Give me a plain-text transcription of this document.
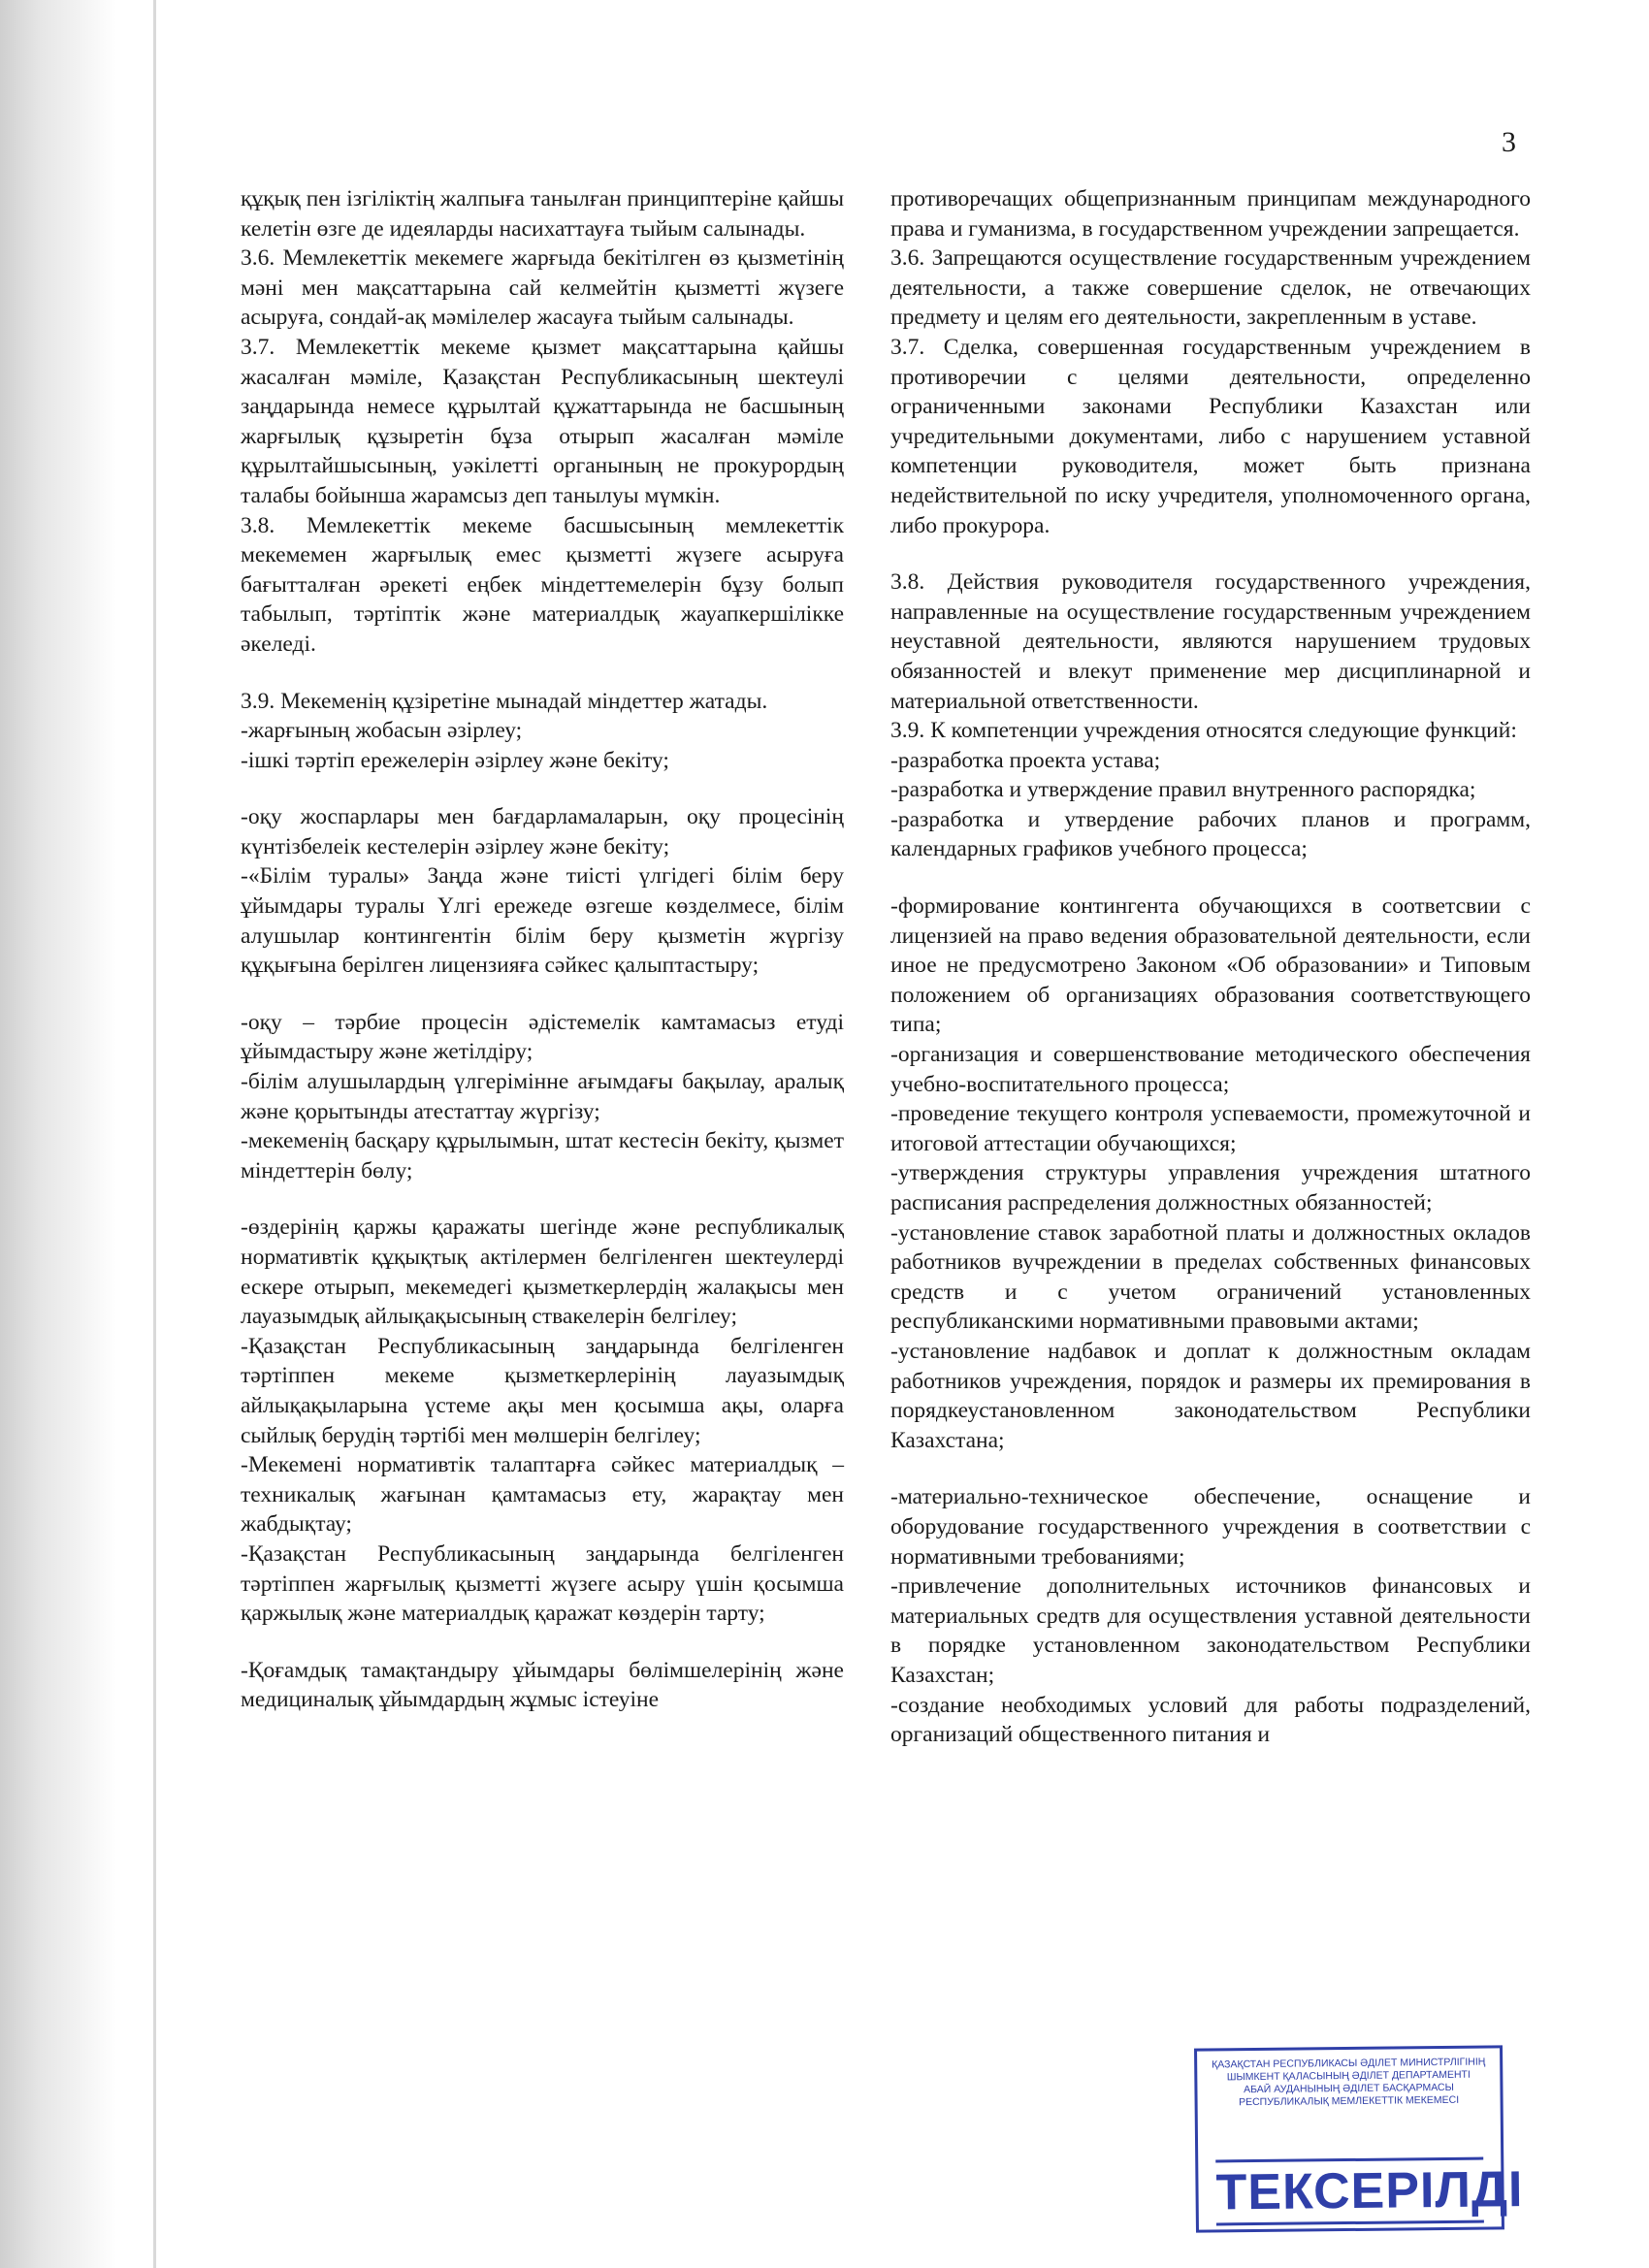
3

құқық пен ізгіліктің жалпыға танылған принциптеріне қайшы келетін өзге де идеяларды насихаттауға тыйым салынады.

3.6. Мемлекеттік мекемеге жарғыда бекітілген өз қызметінің мәні мен мақсаттарына сай келмейтін қызметті жүзеге асыруға, сондай-ақ мәмілелер жасауға тыйым салынады.

3.7. Мемлекеттік мекеме қызмет мақсаттарына қайшы жасалған мәміле, Қазақстан Республикасының шектеулі заңдарында немесе құрылтай құжаттарында не басшының жарғылық құзыретін бұза отырып жасалған мәміле құрылтайшысының, уәкілетті органының не прокурордың талабы бойынша жарамсыз деп танылуы мүмкін.

3.8. Мемлекеттік мекеме басшысының мемлекеттік мекемемен жарғылық емес қызметті жүзеге асыруға бағытталған әрекеті еңбек міндеттемелерін бұзу болып табылып, тәртіптік және материалдық жауапкершілікке әкеледі.

3.9. Мекеменің құзіретіне мынадай міндеттер жатады.

-жарғының жобасын әзірлеу;

-ішкі тәртіп ережелерін әзірлеу және бекіту;

-оқу жоспарлары мен бағдарламаларын, оқу процесінің күнтізбелеік кестелерін әзірлеу және бекіту;

-«Білім туралы» Заңда және тиісті үлгідегі білім беру ұйымдары туралы Үлгі ережеде өзгеше көзделмесе, білім алушылар контингентін білім беру қызметін жүргізу құқығына берілген лицензияға сәйкес қалыптастыру;

-оқу – тәрбие процесін әдістемелік камтамасыз етуді ұйымдастыру және жетілдіру;

-білім алушылардың үлгерімінне ағымдағы бақылау, аралық және қорытынды атестаттау жүргізу;

-мекеменің басқару құрылымын, штат кестесін бекіту, қызмет міндеттерін бөлу;

-өздерінің қаржы қаражаты шегінде және республикалық нормативтік құқықтық актілермен белгіленген шектеулерді ескере отырып, мекемедегі қызметкерлердің жалақысы мен лауазымдық айлықақысының ствакелерін белгілеу;

-Қазақстан Республикасының заңдарында белгіленген тәртіппен мекеме қызметкерлерінің лауазымдық айлықақыларына үстеме ақы мен қосымша ақы, оларға сыйлық берудің тәртібі мен мөлшерін белгілеу;

-Мекемені нормативтік талаптарға сәйкес материалдық – техникалық жағынан қамтамасыз ету, жарақтау мен жабдықтау;

-Қазақстан Республикасының заңдарында белгіленген тәртіппен жарғылық қызметті жүзеге асыру үшін қосымша қаржылық және материалдық қаражат көздерін тарту;

-Қоғамдық тамақтандыру ұйымдары бөлімшелерінің және медициналық ұйымдардың жұмыс істеуіне

противоречащих общепризнанным принципам международного права и гуманизма, в государственном учреждении запрещается.

3.6. Запрещаются осуществление государственным учреждением деятельности, а также совершение сделок, не отвечающих предмету и целям его деятельности, закрепленным в уставе.

3.7. Сделка, совершенная государственным учреждением в противоречии с целями деятельности, определенно ограниченными законами Республики Казахстан или учредительными документами, либо с нарушением уставной компетенции руководителя, может быть признана недействительной по иску учредителя, уполномоченного органа, либо прокурора.

3.8. Действия руководителя государственного учреждения, направленные на осуществление государственным учреждением неуставной деятельности, являются нарушением трудовых обязанностей и влекут применение мер дисциплинарной и материальной ответственности.

3.9. К компетенции учреждения относятся следующие функций:

-разработка проекта устава;

-разработка и утверждение правил внутренного распорядка;

-разработка и утвердение рабочих планов и программ, календарных графиков учебного процесса;

-формирование контингента обучающихся в соответсвии с лицензией на право ведения образовательной деятельности, если иное не предусмотрено Законом «Об образовании» и Типовым положением об организациях образования соответствующего типа;

-организация и совершенствование методического обеспечения учебно-воспитательного процесса;

-проведение текущего контроля успеваемости, промежуточной и итоговой аттестации обучающихся;

-утверждения структуры управления учреждения штатного расписания распределения должностных обязанностей;

-установление ставок заработной платы и должностных окладов работников вучреждении в пределах собственных финансовых средств и с учетом ограничений установленных республиканскими нормативными правовыми актами;

-установление надбавок и доплат к должностным окладам работников учреждения, порядок и размеры их премирования в порядкеустановленном законодательством Республики Казахстана;

-материально-техническое обеспечение, оснащение и оборудование государственного учреждения в соответствии с нормативными требованиями;

-привлечение дополнительных источников финансовых и материальных средтв для осуществления уставной деятельности в порядке установленном законодательством Республики Казахстан;

-создание необходимых условий для работы подразделений, организаций общественного питания и

ҚАЗАҚСТАН РЕСПУБЛИКАСЫ ӘДІЛЕТ МИНИСТРЛІГІНІҢ
ШЫМКЕНТ ҚАЛАСЫНЫҢ ӘДІЛЕТ ДЕПАРТАМЕНТІ
АБАЙ АУДАНЫНЫҢ ӘДІЛЕТ БАСҚАРМАСЫ
РЕСПУБЛИКАЛЫҚ МЕМЛЕКЕТТІК МЕКЕМЕСІ
ТЕКСЕРІЛДІ
